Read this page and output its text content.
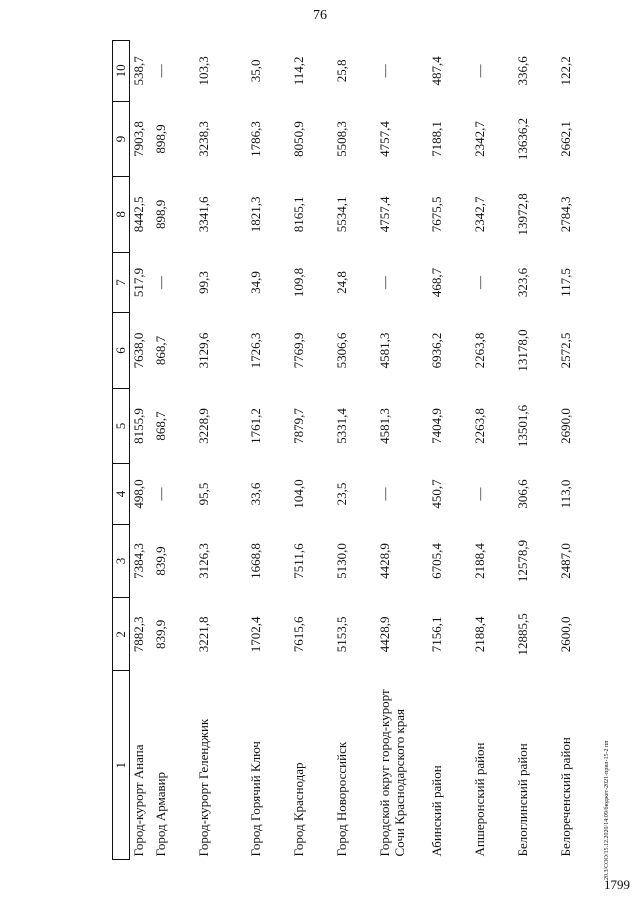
76
1	2	3	4	5	6	7	8	9	10
Город-курорт Анапа	7882,3	7384,3	498,0	8155,9	7638,0	517,9	8442,5	7903,8	538,7
Город Армавир	839,9	839,9	—	868,7	868,7	—	898,9	898,9	—
Город-курорт Геленджик	3221,8	3126,3	95,5	3228,9	3129,6	99,3	3341,6	3238,3	103,3
Город Горячий Ключ	1702,4	1668,8	33,6	1761,2	1726,3	34,9	1821,3	1786,3	35,0
Город Краснодар	7615,6	7511,6	104,0	7879,7	7769,9	109,8	8165,1	8050,9	114,2
Город Новороссийск	5153,5	5130,0	23,5	5331,4	5306,6	24,8	5534,1	5508,3	25,8
Городской округ город-курорт Сочи Краснодарского края	4428,9	4428,9	—	4581,3	4581,3	—	4757,4	4757,4	—
Абинский район	7156,1	6705,4	450,7	7404,9	6936,2	468,7	7675,5	7188,1	487,4
Апшеронский район	2188,4	2188,4	—	2263,8	2263,8	—	2342,7	2342,7	—
Белоглинский район	12885,5	12578,9	306,6	13501,6	13178,0	323,6	13972,8	13636,2	336,6
Белореченский район	2600,0	2487,0	113,0	2690,0	2572,5	117,5	2784,3	2662,1	122,2
20.3/СОО/15.12.2020/14:09/бюджет-2021-прил-15-2 пп
1799
